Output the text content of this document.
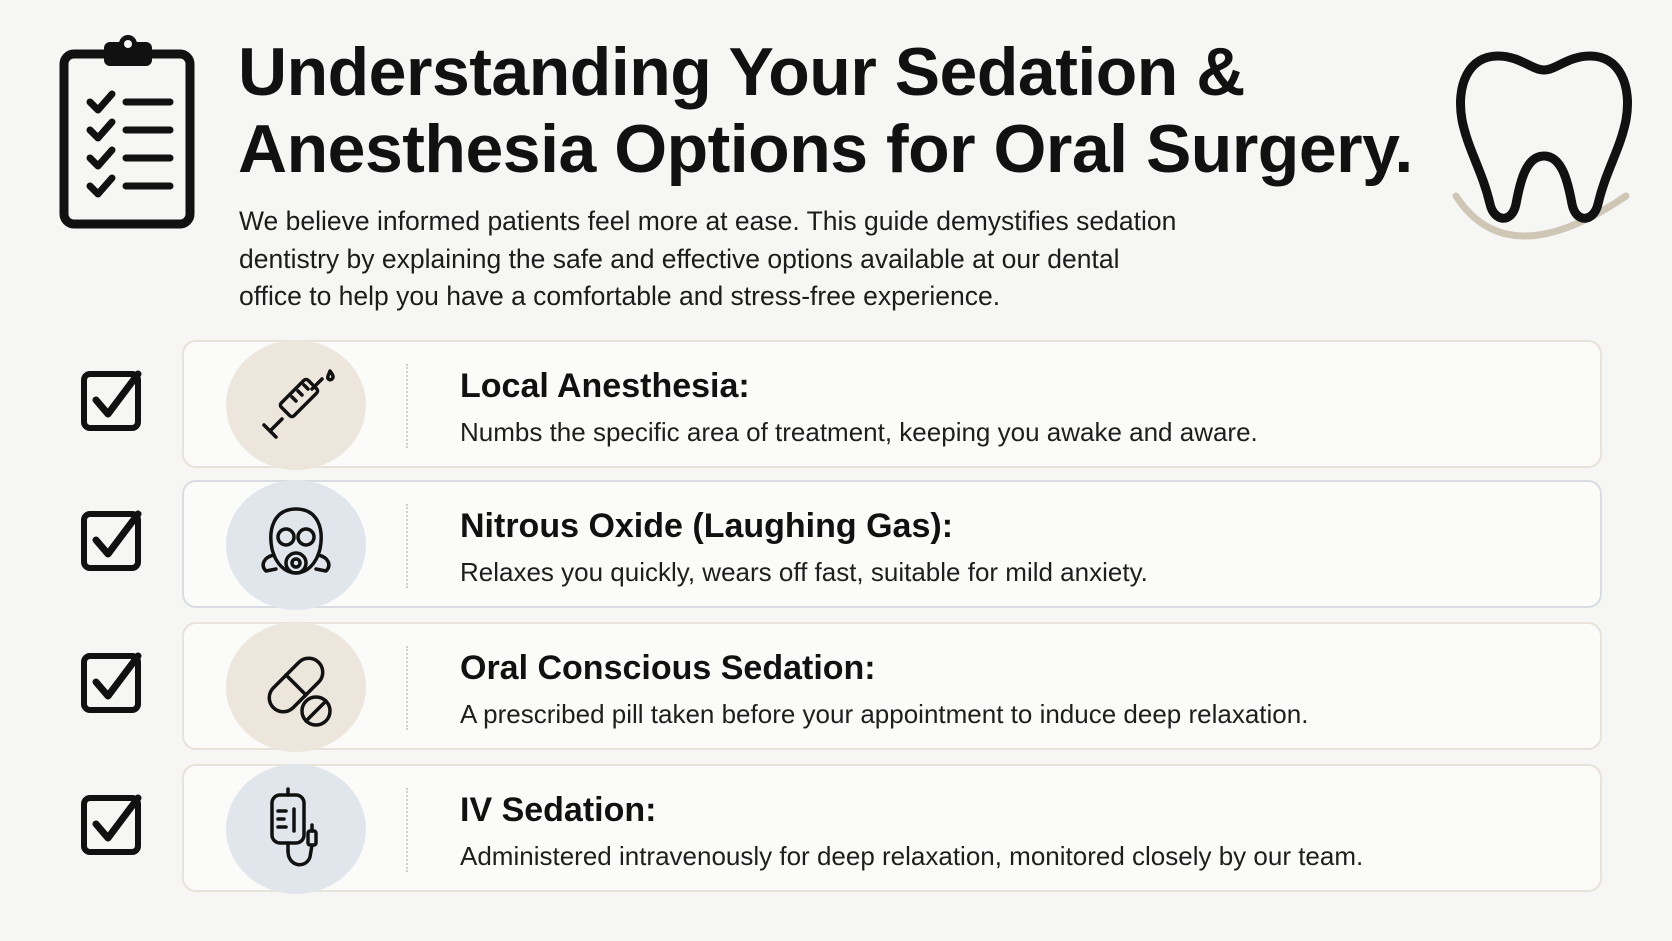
Understanding Your Sedation &
Anesthesia Options for Oral Surgery.

We believe informed patients feel more at ease. This guide demystifies sedation
dentistry by explaining the safe and effective options available at our dental
office to help you have a comfortable and stress-free experience.

Local Anesthesia:

Numbs the specific area of treatment, keeping you awake and aware.

Nitrous Oxide (Laughing Gas):

Relaxes you quickly, wears off fast, suitable for mild anxiety.

Oral Conscious Sedation:

A prescribed pill taken before your appointment to induce deep relaxation.

IV Sedation:

Administered intravenously for deep relaxation, monitored closely by our team.
